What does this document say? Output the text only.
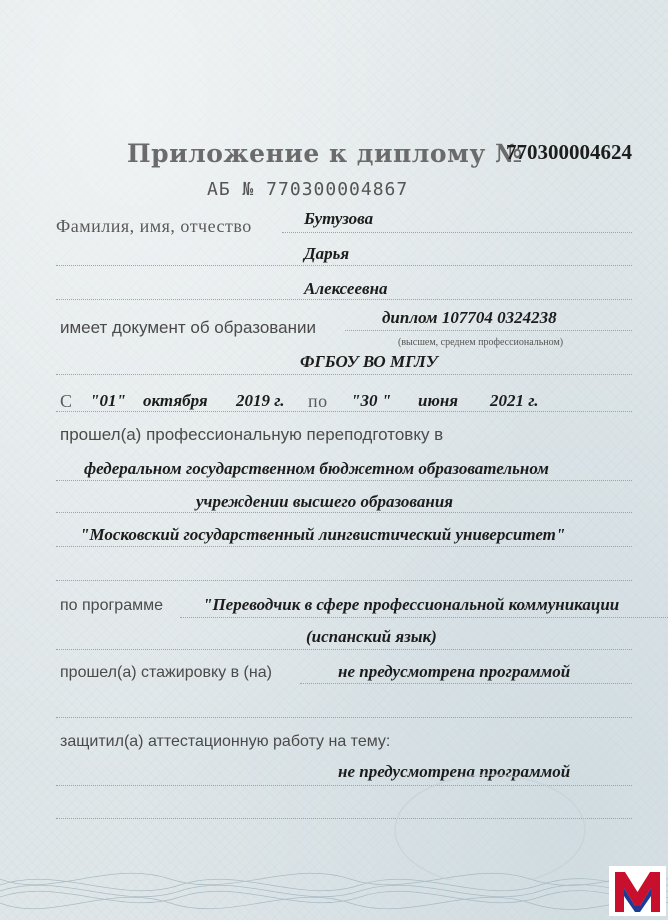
Приложение к диплому №
770300004624
АБ № 770300004867
Фамилия, имя, отчество	Бутузова
Дарья
Алексеевна
имеет документ об образовании
диплом 107704 0324238
(высшем, среднем профессиональном)
ФГБОУ ВО МГЛУ
С "01" октября 2019 г. по "30 " июня 2021 г.
прошел(а) профессиональную переподготовку в
федеральном государственном бюджетном образовательном
учреждении высшего образования
"Московский государственный лингвистический университет"
по программе "Переводчик в сфере профессиональной коммуникации
(испанский язык)
прошел(а) стажировку в (на)	не предусмотрена программой
защитил(а) аттестационную работу на тему:
не предусмотрена программой
